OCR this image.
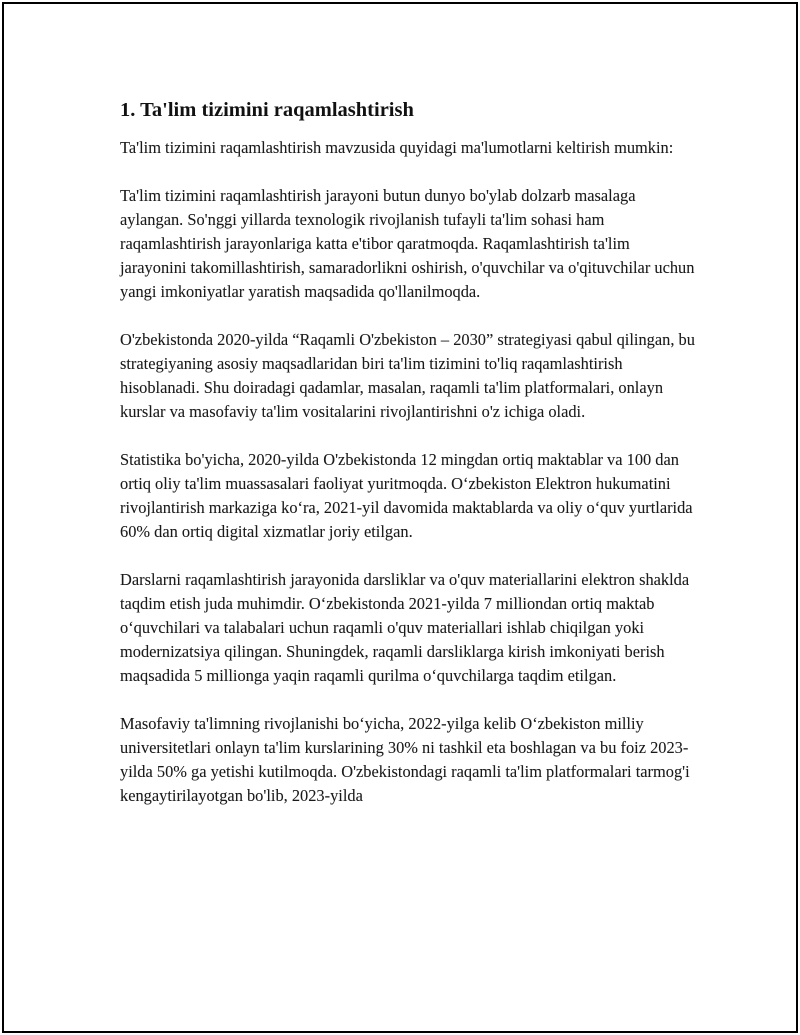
1. Ta'lim tizimini raqamlashtirish

Ta'lim tizimini raqamlashtirish mavzusida quyidagi ma'lumotlarni keltirish mumkin:

Ta'lim tizimini raqamlashtirish jarayoni butun dunyo bo'ylab dolzarb masalaga aylangan. So'nggi yillarda texnologik rivojlanish tufayli ta'lim sohasi ham raqamlashtirish jarayonlariga katta e'tibor qaratmoqda. Raqamlashtirish ta'lim jarayonini takomillashtirish, samaradorlikni oshirish, o'quvchilar va o'qituvchilar uchun yangi imkoniyatlar yaratish maqsadida qo'llanilmoqda.

O'zbekistonda 2020-yilda “Raqamli O'zbekiston – 2030” strategiyasi qabul qilingan, bu strategiyaning asosiy maqsadlaridan biri ta'lim tizimini to'liq raqamlashtirish hisoblanadi. Shu doiradagi qadamlar, masalan, raqamli ta'lim platformalari, onlayn kurslar va masofaviy ta'lim vositalarini rivojlantirishni o'z ichiga oladi.

Statistika bo'yicha, 2020-yilda O'zbekistonda 12 mingdan ortiq maktablar va 100 dan ortiq oliy ta'lim muassasalari faoliyat yuritmoqda. O‘zbekiston Elektron hukumatini rivojlantirish markaziga ko‘ra, 2021-yil davomida maktablarda va oliy o‘quv yurtlarida 60% dan ortiq digital xizmatlar joriy etilgan.

Darslarni raqamlashtirish jarayonida darsliklar va o'quv materiallarini elektron shaklda taqdim etish juda muhimdir. O‘zbekistonda 2021-yilda 7 milliondan ortiq maktab o‘quvchilari va talabalari uchun raqamli o'quv materiallari ishlab chiqilgan yoki modernizatsiya qilingan. Shuningdek, raqamli darsliklarga kirish imkoniyati berish maqsadida 5 millionga yaqin raqamli qurilma o‘quvchilarga taqdim etilgan.

Masofaviy ta'limning rivojlanishi bo‘yicha, 2022-yilga kelib O‘zbekiston milliy universitetlari onlayn ta'lim kurslarining 30% ni tashkil eta boshlagan va bu foiz 2023-yilda 50% ga yetishi kutilmoqda. O'zbekistondagi raqamli ta'lim platformalari tarmog'i kengaytirilayotgan bo'lib, 2023-yilda
